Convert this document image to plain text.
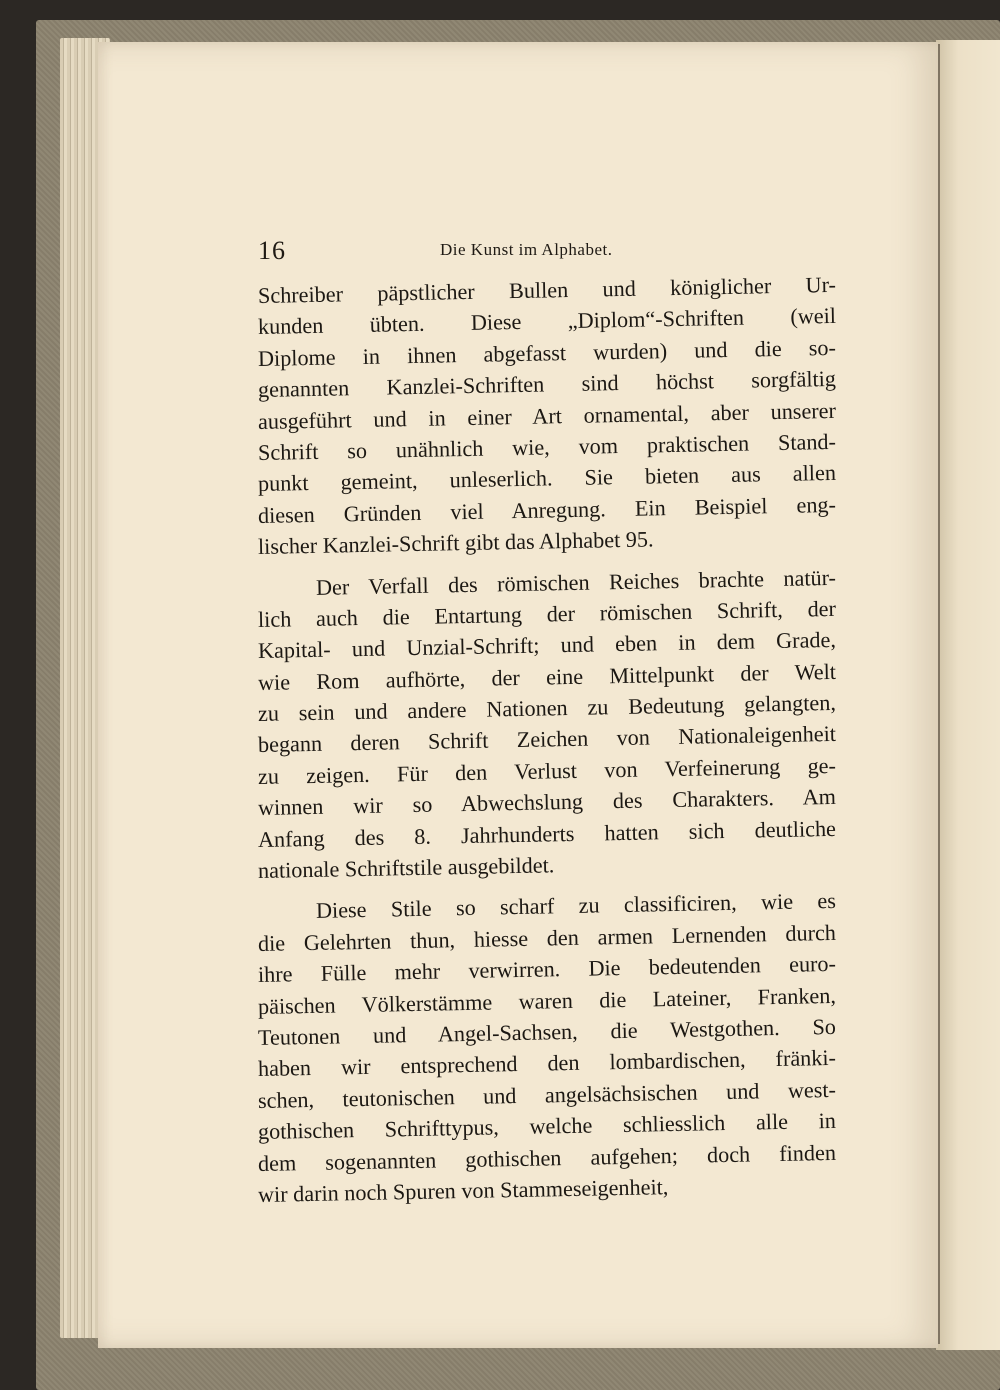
16	Die Kunst im Alphabet.
Schreiber päpstlicher Bullen und königlicher Ur-
kunden übten. Diese „Diplom“-Schriften (weil
Diplome in ihnen abgefasst wurden) und die so-
genannten Kanzlei-Schriften sind höchst sorgfältig
ausgeführt und in einer Art ornamental, aber unserer
Schrift so unähnlich wie, vom praktischen Stand-
punkt gemeint, unleserlich. Sie bieten aus allen
diesen Gründen viel Anregung. Ein Beispiel eng-
lischer Kanzlei-Schrift gibt das Alphabet 95.
Der Verfall des römischen Reiches brachte natür-
lich auch die Entartung der römischen Schrift, der
Kapital- und Unzial-Schrift; und eben in dem Grade,
wie Rom aufhörte, der eine Mittelpunkt der Welt
zu sein und andere Nationen zu Bedeutung gelangten,
begann deren Schrift Zeichen von Nationaleigenheit
zu zeigen. Für den Verlust von Verfeinerung ge-
winnen wir so Abwechslung des Charakters. Am
Anfang des 8. Jahrhunderts hatten sich deutliche
nationale Schriftstile ausgebildet.
Diese Stile so scharf zu classificiren, wie es
die Gelehrten thun, hiesse den armen Lernenden durch
ihre Fülle mehr verwirren. Die bedeutenden euro-
päischen Völkerstämme waren die Lateiner, Franken,
Teutonen und Angel-Sachsen, die Westgothen. So
haben wir entsprechend den lombardischen, fränki-
schen, teutonischen und angelsächsischen und west-
gothischen Schrifttypus, welche schliesslich alle in
dem sogenannten gothischen aufgehen; doch finden
wir darin noch Spuren von Stammeseigenheit,
